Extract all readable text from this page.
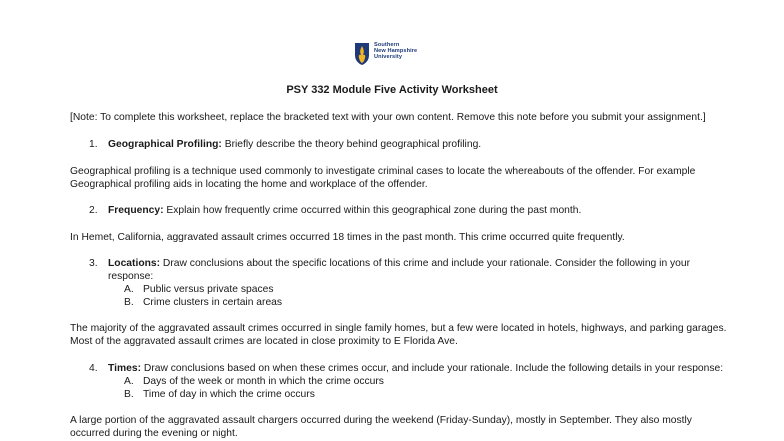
Southern
New Hampshire
University
PSY 332 Module Five Activity Worksheet
[Note: To complete this worksheet, replace the bracketed text with your own content. Remove this note before you submit your assignment.]
1. Geographical Profiling: Briefly describe the theory behind geographical profiling.
Geographical profiling is a technique used commonly to investigate criminal cases to locate the whereabouts of the offender. For example
Geographical profiling aids in locating the home and workplace of the offender.
2. Frequency: Explain how frequently crime occurred within this geographical zone during the past month.
In Hemet, California, aggravated assault crimes occurred 18 times in the past month. This crime occurred quite frequently.
3. Locations: Draw conclusions about the specific locations of this crime and include your rationale. Consider the following in your
response:
A. Public versus private spaces
B. Crime clusters in certain areas
The majority of the aggravated assault crimes occurred in single family homes, but a few were located in hotels, highways, and parking garages.
Most of the aggravated assault crimes are located in close proximity to E Florida Ave.
4. Times: Draw conclusions based on when these crimes occur, and include your rationale. Include the following details in your response:
A. Days of the week or month in which the crime occurs
B. Time of day in which the crime occurs
A large portion of the aggravated assault chargers occurred during the weekend (Friday-Sunday), mostly in September. They also mostly
occurred during the evening or night.
